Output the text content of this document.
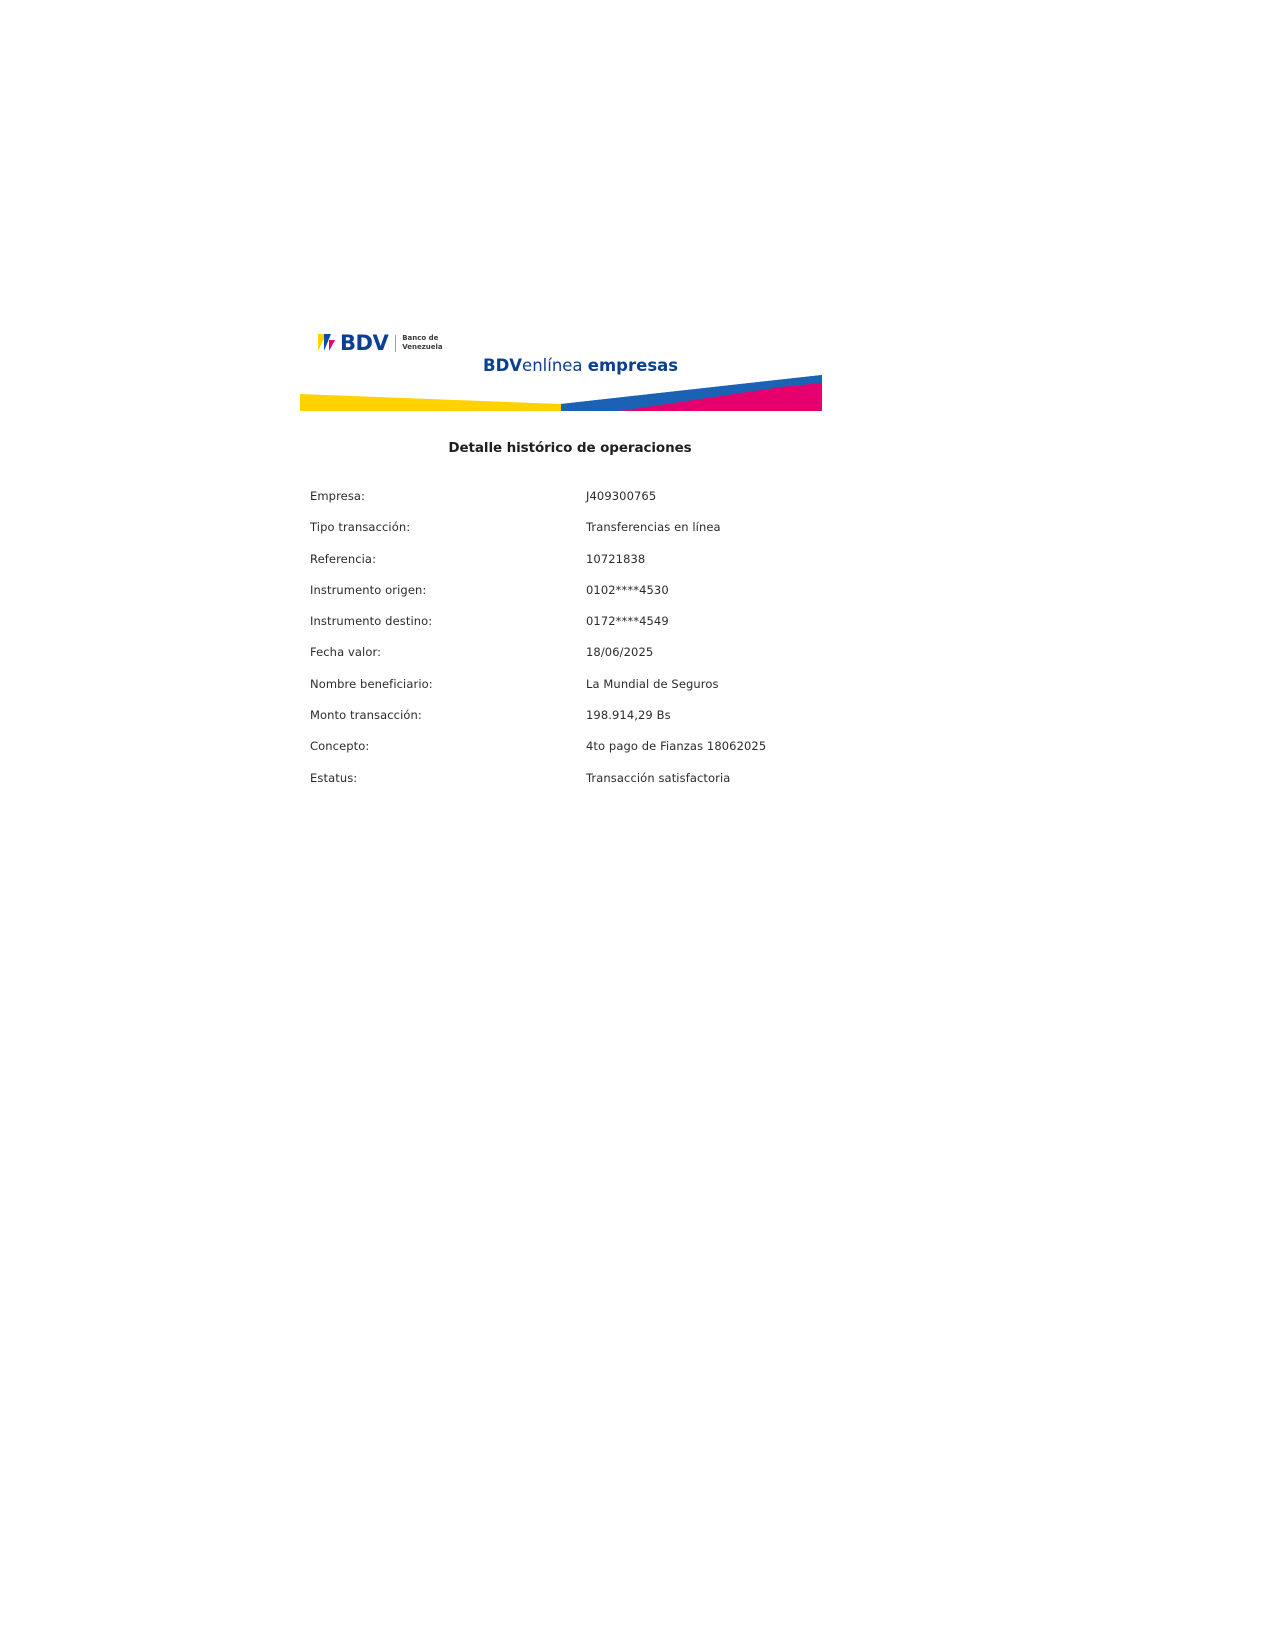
BDV Banco de
Venezuela
BDVenlínea empresas
Detalle histórico de operaciones
Empresa:	J409300765
Tipo transacción:	Transferencias en línea
Referencia:	10721838
Instrumento origen:	0102****4530
Instrumento destino:	0172****4549
Fecha valor:	18/06/2025
Nombre beneficiario:	La Mundial de Seguros
Monto transacción:	198.914,29 Bs
Concepto:	4to pago de Fianzas 18062025
Estatus:	Transacción satisfactoria
